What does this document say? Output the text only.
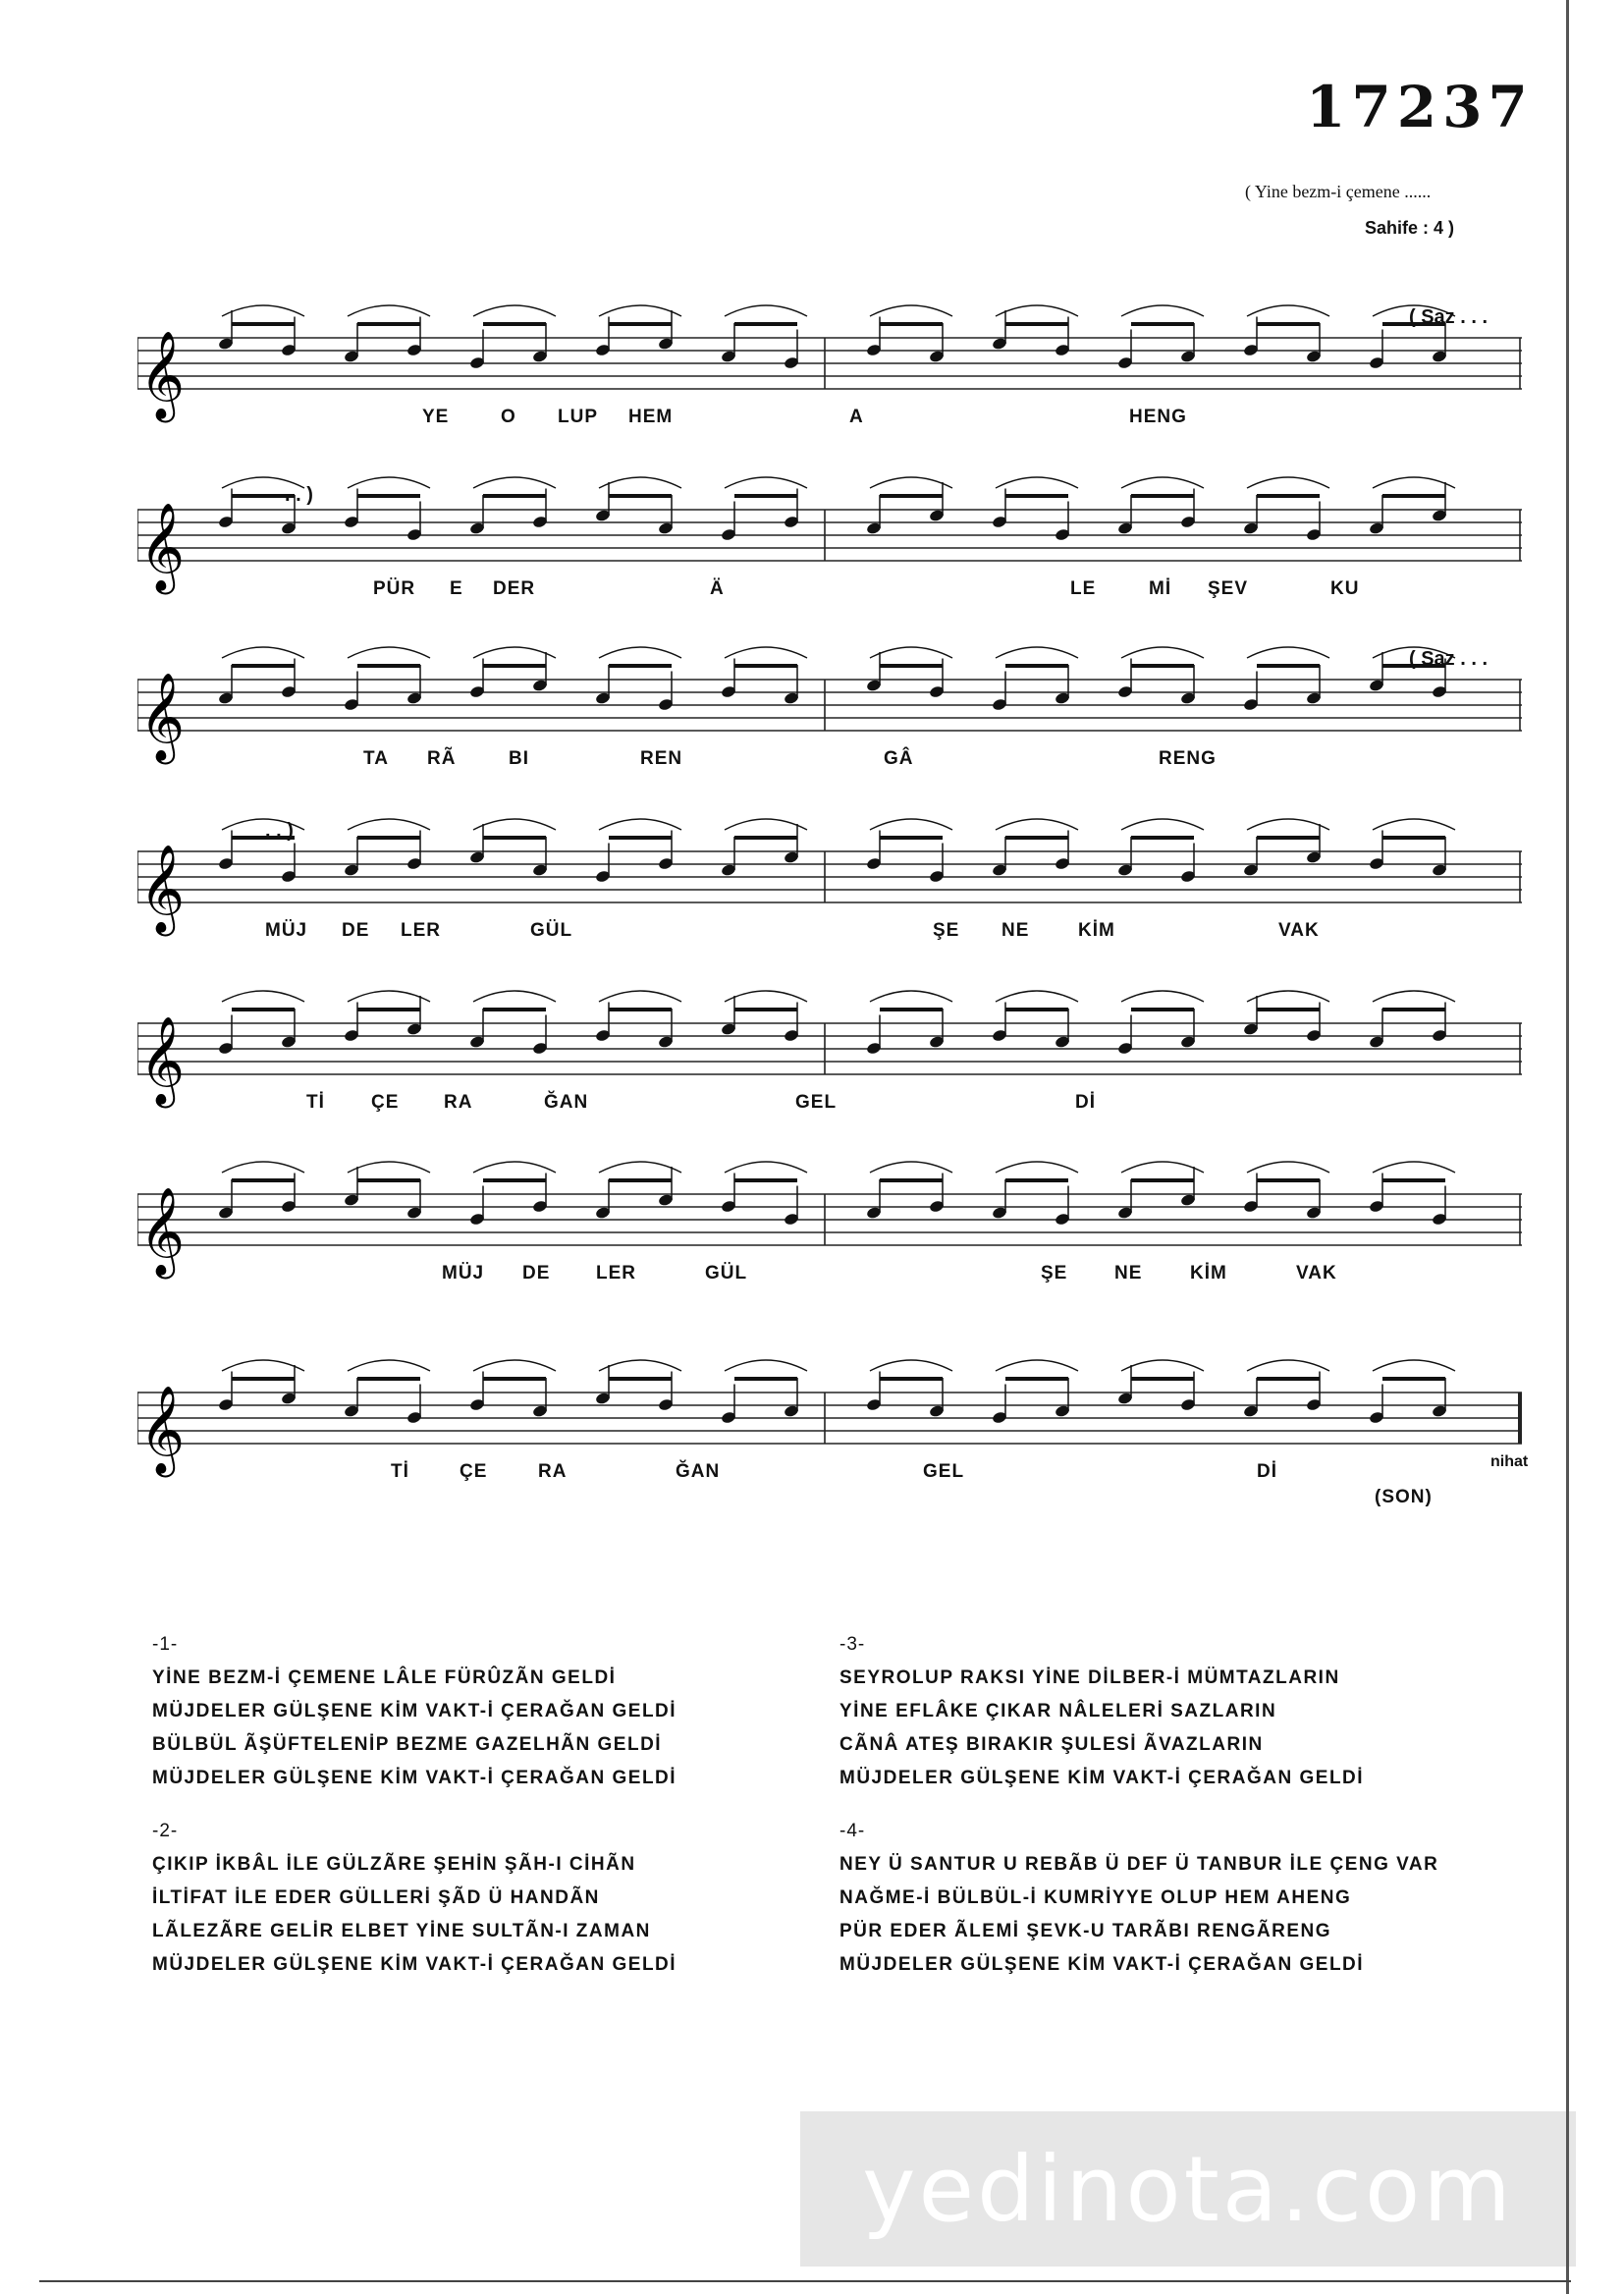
17237
( Yine bezm-i çemene ......
Sahife : 4 )
𝄞
( Saz . . .
YE	O LUP HEM	A	HENG
𝄞
. . )
PÜR E DER	Ä	LE	Mİ ŞEV	KU
𝄞
( Saz . . .
TA RÃ	BI	REN	GÂ	RENG
𝄞
. . )
MÜJ DE LER	GÜL	ŞE NE	KİM	VAK
𝄞	Tİ ÇE RA	ĞAN	GEL	Dİ
𝄞	MÜJ DE LER	GÜL	ŞE	NE	KİM	VAK
𝄞	nihat
Tİ	ÇE	RA	ĞAN	GEL	Dİ
(SON)
-1-
YİNE BEZM-İ ÇEMENE LÂLE FÜRÛZÃN GELDİ
MÜJDELER GÜLŞENE KİM VAKT-İ ÇERAĞAN GELDİ
BÜLBÜL ÃŞÜFTELENİP BEZME GAZELHÃN GELDİ
MÜJDELER GÜLŞENE KİM VAKT-İ ÇERAĞAN GELDİ
-2-
ÇIKIP İKBÂL İLE GÜLZÃRE ŞEHİN ŞÃH-I CİHÃN
İLTİFAT İLE EDER GÜLLERİ ŞÃD Ü HANDÃN
LÃLEZÃRE GELİR ELBET YİNE SULTÃN-I ZAMAN
MÜJDELER GÜLŞENE KİM VAKT-İ ÇERAĞAN GELDİ
-3-
SEYROLUP RAKSI YİNE DİLBER-İ MÜMTAZLARIN
YİNE EFLÂKE ÇIKAR NÂLELERİ SAZLARIN
CÃNÂ ATEŞ BIRAKIR ŞULESİ ÃVAZLARIN
MÜJDELER GÜLŞENE KİM VAKT-İ ÇERAĞAN GELDİ
-4-
NEY Ü SANTUR U REBÃB Ü DEF Ü TANBUR İLE ÇENG VAR
NAĞME-İ BÜLBÜL-İ KUMRİYYE OLUP HEM AHENG
PÜR EDER ÃLEMİ ŞEVK-U TARÃBI RENGÃRENG
MÜJDELER GÜLŞENE KİM VAKT-İ ÇERAĞAN GELDİ
yedinota.com
